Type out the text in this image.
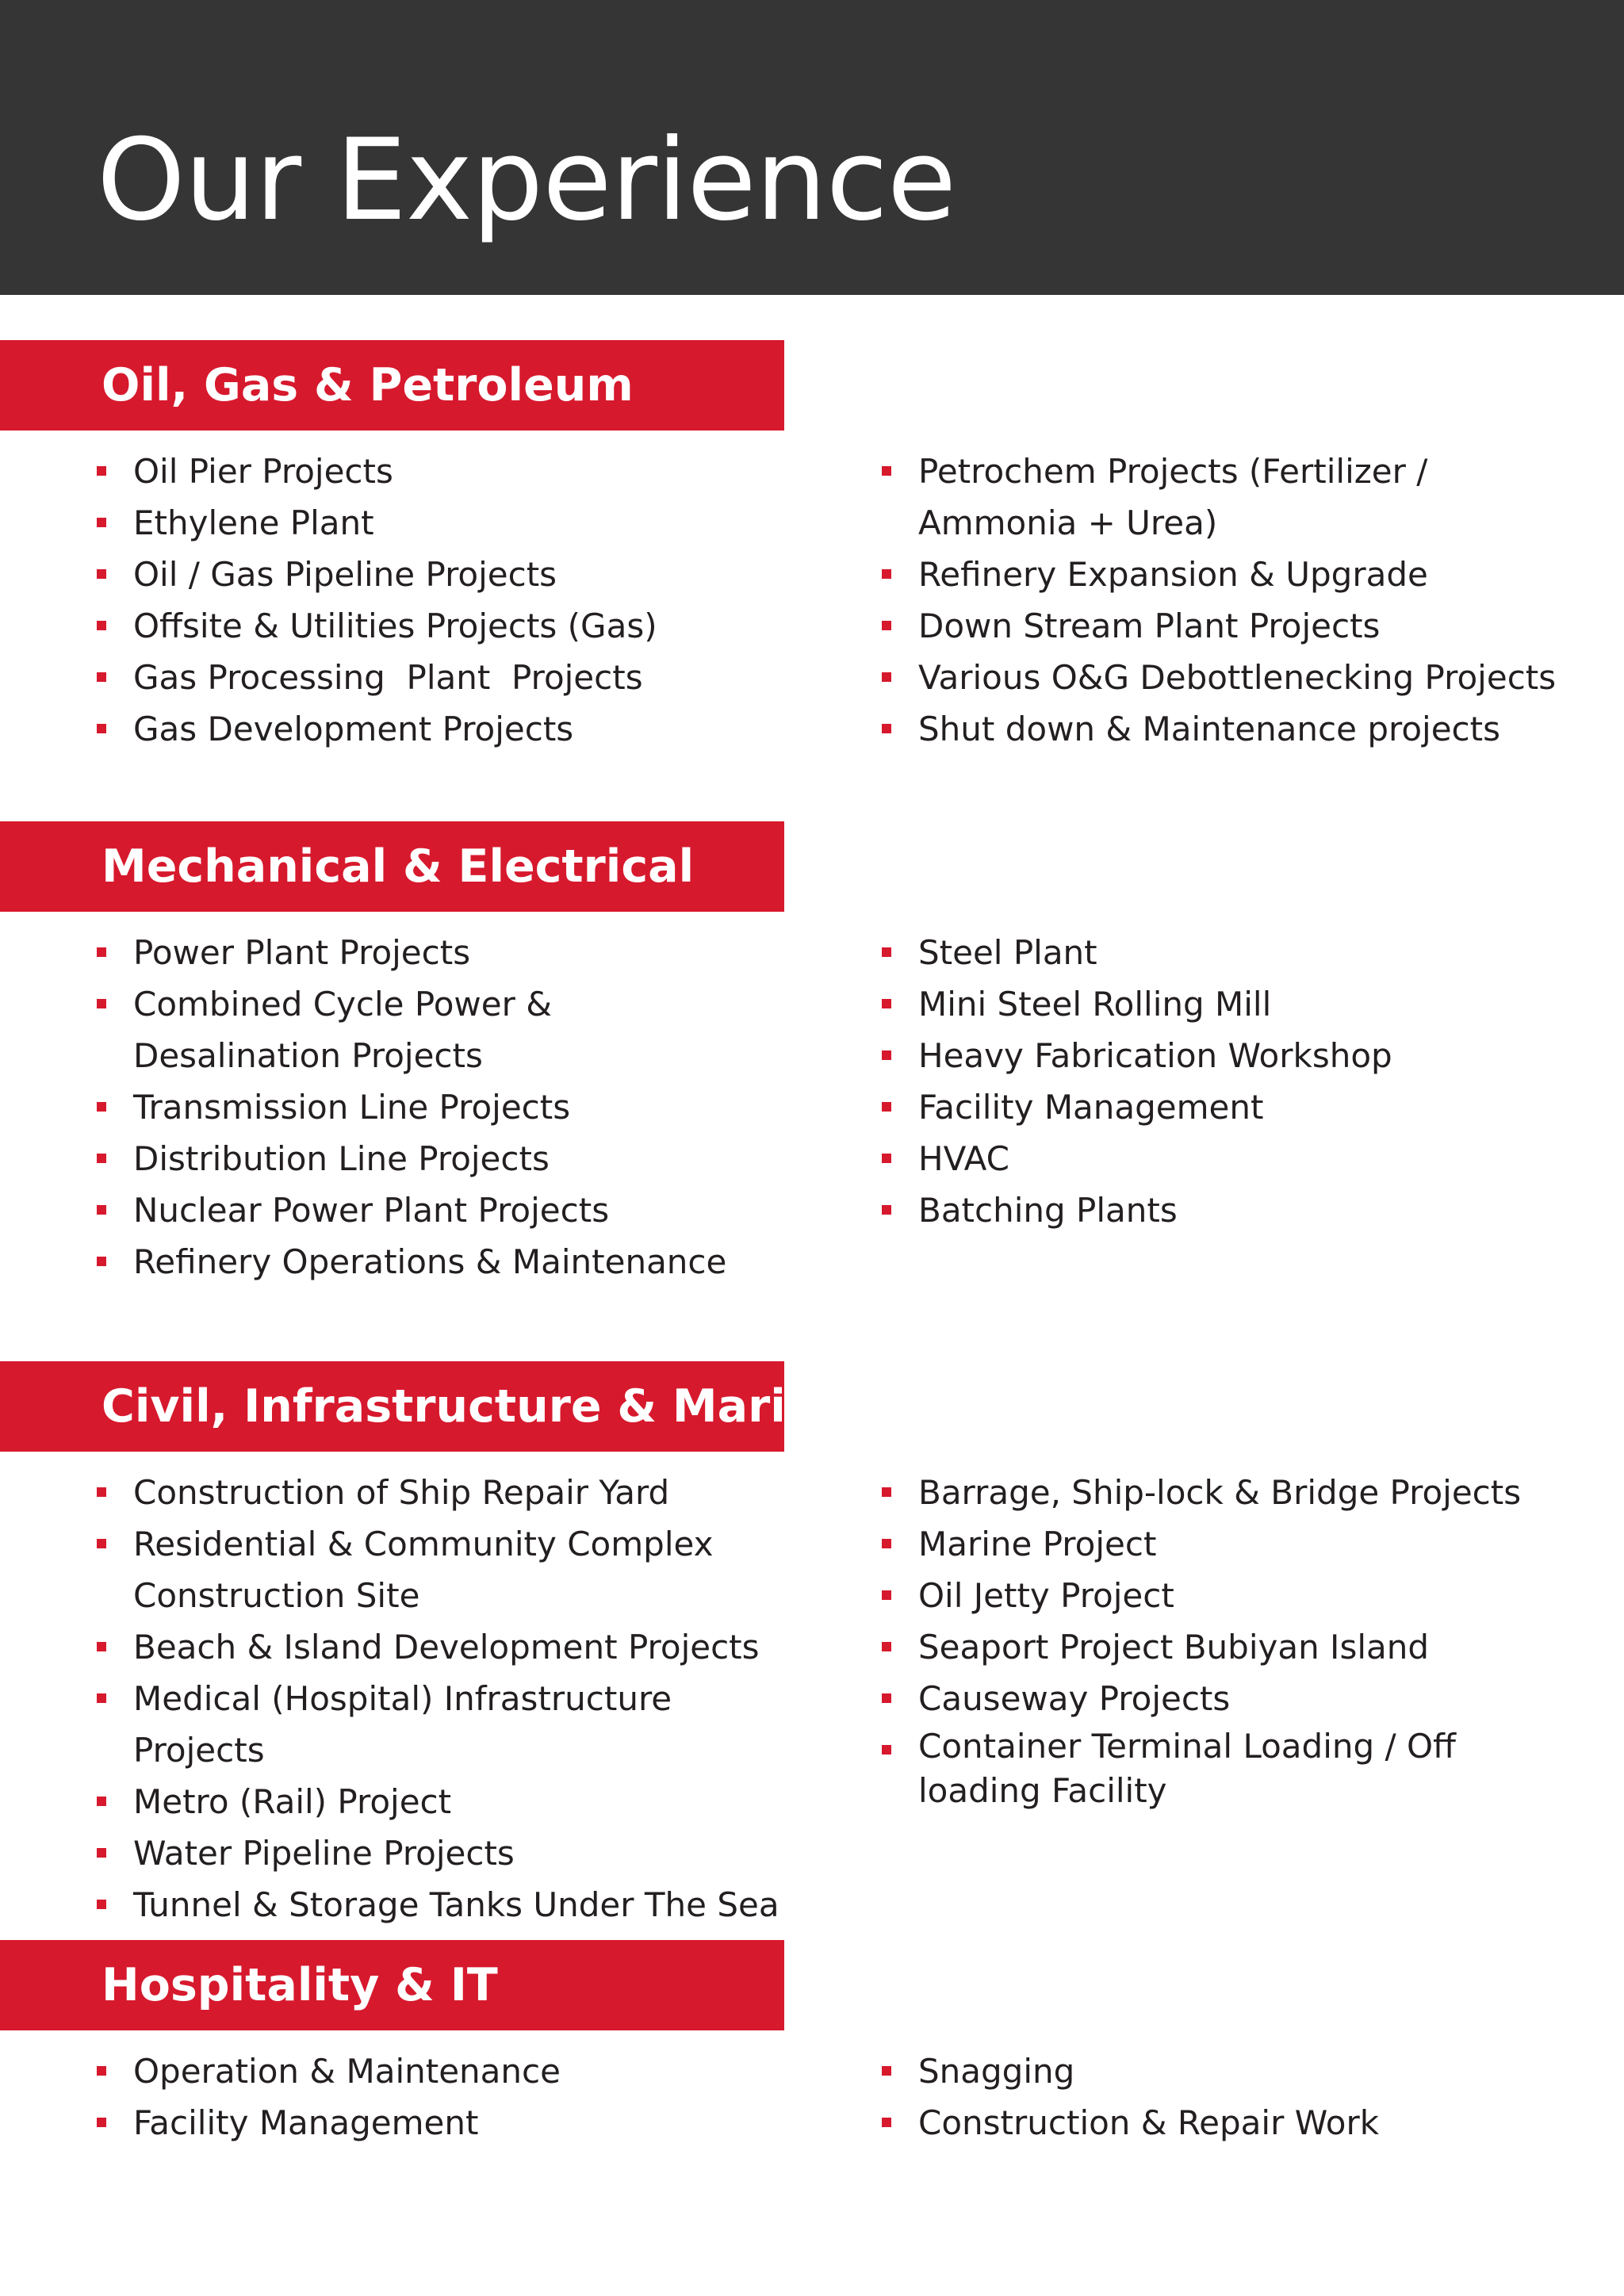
Our Experience
Oil, Gas & Petroleum
Oil Pier Projects
Ethylene Plant
Oil / Gas Pipeline Projects
Offsite & Utilities Projects (Gas)
Gas Processing  Plant  Projects
Gas Development Projects
Petrochem Projects (Fertilizer / Ammonia + Urea)
Refinery Expansion & Upgrade
Down Stream Plant Projects
Various O&G Debottlenecking Projects
Shut down & Maintenance projects
Mechanical & Electrical
Power Plant Projects
Combined Cycle Power & Desalination Projects
Transmission Line Projects
Distribution Line Projects
Nuclear Power Plant Projects
Refinery Operations & Maintenance
Steel Plant
Mini Steel Rolling Mill
Heavy Fabrication Workshop
Facility Management
HVAC
Batching Plants
Civil, Infrastructure & Marine
Construction of Ship Repair Yard
Residential & Community Complex Construction Site
Beach & Island Development Projects
Medical (Hospital) Infrastructure Projects
Metro (Rail) Project
Water Pipeline Projects
Tunnel & Storage Tanks Under The Sea
Barrage, Ship-lock & Bridge Projects
Marine Project
Oil Jetty Project
Seaport Project Bubiyan Island
Causeway Projects
Container Terminal Loading / Off loading Facility
Hospitality & IT
Operation & Maintenance
Facility Management
Snagging
Construction & Repair Work
